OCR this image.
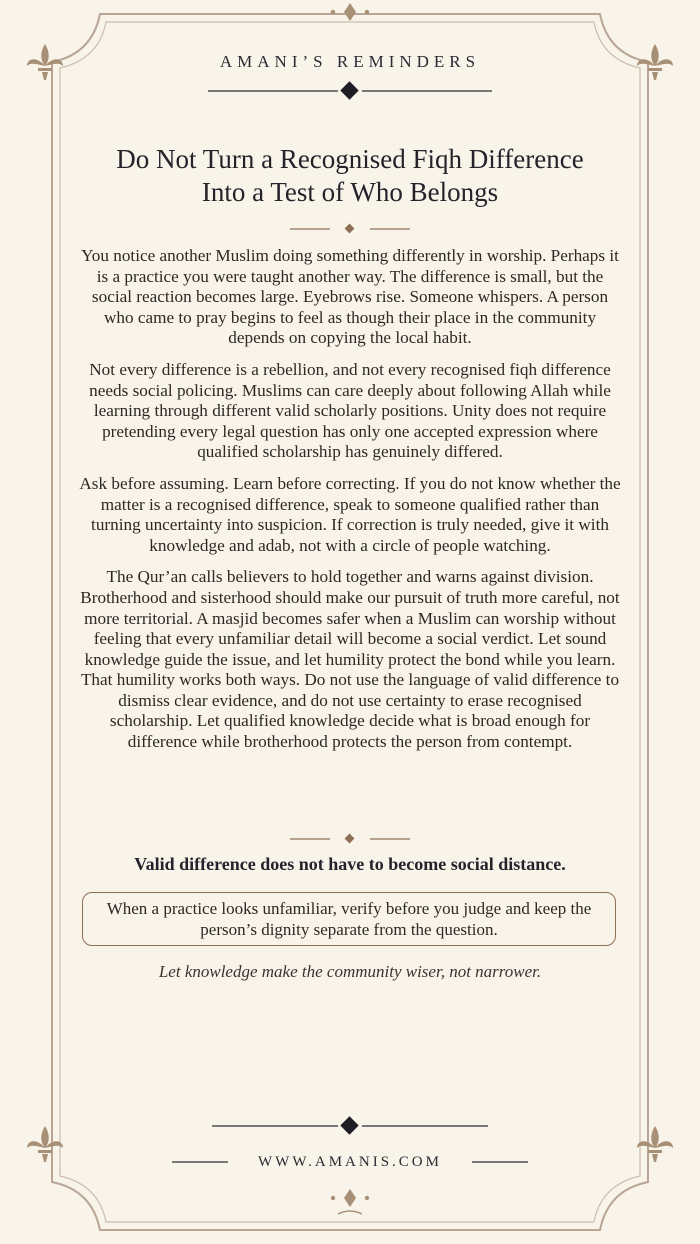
AMANI’S REMINDERS
Do Not Turn a Recognised Fiqh Difference
Into a Test of Who Belongs

You notice another Muslim doing something differently in worship. Perhaps it is a practice you were taught another way. The difference is small, but the social reaction becomes large. Eyebrows rise. Someone whispers. A person who came to pray begins to feel as though their place in the community depends on copying the local habit.

Not every difference is a rebellion, and not every recognised fiqh difference needs social policing. Muslims can care deeply about following Allah while learning through different valid scholarly positions. Unity does not require pretending every legal question has only one accepted expression where qualified scholarship has genuinely differed.

Ask before assuming. Learn before correcting. If you do not know whether the matter is a recognised difference, speak to someone qualified rather than turning uncertainty into suspicion. If correction is truly needed, give it with knowledge and adab, not with a circle of people watching.

The Qur’an calls believers to hold together and warns against division. Brotherhood and sisterhood should make our pursuit of truth more careful, not more territorial. A masjid becomes safer when a Muslim can worship without feeling that every unfamiliar detail will become a social verdict. Let sound knowledge guide the issue, and let humility protect the bond while you learn. That humility works both ways. Do not use the language of valid difference to dismiss clear evidence, and do not use certainty to erase recognised scholarship. Let qualified knowledge decide what is broad enough for difference while brotherhood protects the person from contempt.

Valid difference does not have to become social distance.
When a practice looks unfamiliar, verify before you judge and keep the person’s dignity separate from the question.
Let knowledge make the community wiser, not narrower.
WWW.AMANIS.COM
